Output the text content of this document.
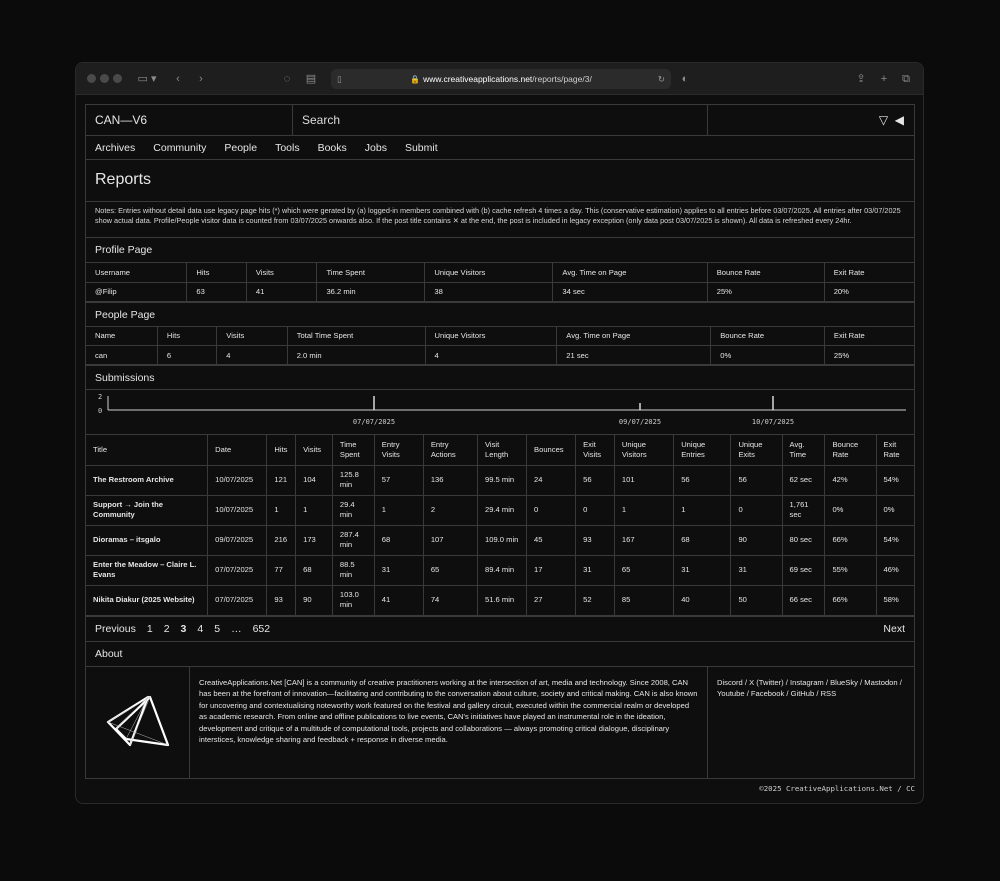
▭ ▾	‹	›	◌	▤ ▯	🔒 www.creativeapplications.net/reports/page/3/	↻	◐	⇪	+	⧉
CAN—V6	Search	▽ ◀
Archives Community People Tools Books Jobs Submit
Reports
Notes: Entries without detail data use legacy page hits (*) which were gerated by (a) logged-in members combined with (b) cache refresh 4 times a day. This (conservative estimation) applies to all entries before 03/07/2025. All entries after 03/07/2025 show actual data. Profile/People visitor data is counted from 03/07/2025 onwards also. If the post title contains ✕ at the end, the post is included in legacy exception (only data post 03/07/2025 is shown). All data is refreshed every 24hr.
Profile Page
Username	Hits	Visits	Time Spent	Unique Visitors	Avg. Time on Page	Bounce Rate	Exit Rate
@Filip	63	41	36.2 min	38	34 sec	25%	20%
People Page
Name	Hits	Visits	Total Time Spent	Unique Visitors	Avg. Time on Page	Bounce Rate	Exit Rate
can	6	4	2.0 min	4	21 sec	0%	25%
Submissions
2
0
07/07/2025	09/07/2025	10/07/2025
Title	Date	Hits	Visits	Time Spent	Entry Visits	Entry Actions	Visit Length	Bounces	Exit Visits	Unique Visitors	Unique Entries	Unique Exits	Avg. Time	Bounce Rate	Exit Rate
The Restroom Archive	10/07/2025	121	104	125.8 min	57	136	99.5 min	24	56	101	56	56	62 sec	42%	54%
Support → Join the Community	10/07/2025	1	1	29.4 min	1	2	29.4 min	0	0	1	1	0	1,761 sec	0%	0%
Dioramas – itsgalo	09/07/2025	216	173	287.4 min	68	107	109.0 min	45	93	167	68	90	80 sec	66%	54%
Enter the Meadow – Claire L. Evans	07/07/2025	77	68	88.5 min	31	65	89.4 min	17	31	65	31	31	69 sec	55%	46%
Nikita Diakur (2025 Website)	07/07/2025	93	90	103.0 min	41	74	51.6 min	27	52	85	40	50	66 sec	66%	58%
Previous 1 2 3 4 5 … 652	Next
About
CreativeApplications.Net [CAN] is a community of creative practitioners working at the intersection of art, media and technology. Since 2008, CAN has been at the forefront of innovation—facilitating and contributing to the conversation about culture, society and critical making. CAN is also known for uncovering and contextualising noteworthy work featured on the festival and gallery circuit, executed within the commercial realm or developed as academic research. From online and offline publications to live events, CAN's initiatives have played an instrumental role in the ideation, development and critique of a multitude of computational tools, projects and collaborations — always promoting critical dialogue, disciplinary interstices, knowledge sharing and feedback + response in diverse media.
Discord / X (Twitter) / Instagram / BlueSky / Mastodon / Youtube / Facebook / GitHub / RSS
©2025 CreativeApplications.Net / CC
